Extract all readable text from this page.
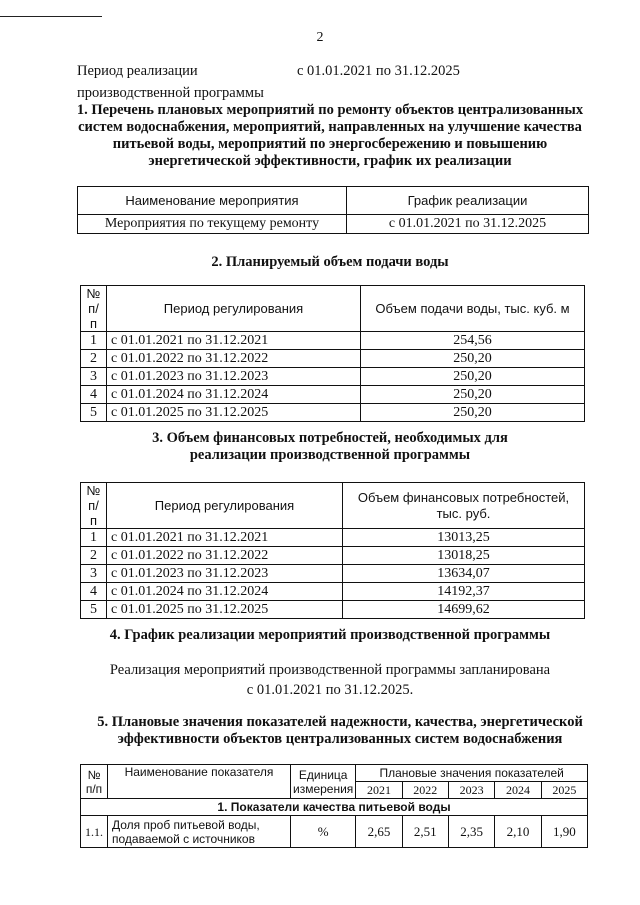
2
Период реализации производственной программы
с 01.01.2021 по 31.12.2025
1. Перечень плановых мероприятий по ремонту объектов централизованных систем водоснабжения, мероприятий, направленных на улучшение качества питьевой воды, мероприятий по энергосбережению и повышению энергетической эффективности, график их реализации
Наименование мероприятия	График реализации
Мероприятия по текущему ремонту	с 01.01.2021 по 31.12.2025
2. Планируемый объем подачи воды
№ п/п	Период регулирования	Объем подачи воды, тыс. куб. м
1	с 01.01.2021 по 31.12.2021	254,56
2	с 01.01.2022 по 31.12.2022	250,20
3	с 01.01.2023 по 31.12.2023	250,20
4	с 01.01.2024 по 31.12.2024	250,20
5	с 01.01.2025 по 31.12.2025	250,20
3. Объем финансовых потребностей, необходимых для реализации производственной программы
№ п/п	Период регулирования	Объем финансовых потребностей, тыс. руб.
1	с 01.01.2021 по 31.12.2021	13013,25
2	с 01.01.2022 по 31.12.2022	13018,25
3	с 01.01.2023 по 31.12.2023	13634,07
4	с 01.01.2024 по 31.12.2024	14192,37
5	с 01.01.2025 по 31.12.2025	14699,62
4. График реализации мероприятий производственной программы
Реализация мероприятий производственной программы запланирована
с 01.01.2021 по 31.12.2025.
5. Плановые значения показателей надежности, качества, энергетической эффективности объектов централизованных систем водоснабжения
№ п/п	Наименование показателя	Единица измерения	Плановые значения показателей				
			2021	2022	2023	2024	2025
1. Показатели качества питьевой воды							
1.1.	Доля проб питьевой воды, подаваемой с источников	%	2,65	2,51	2,35	2,10	1,90
